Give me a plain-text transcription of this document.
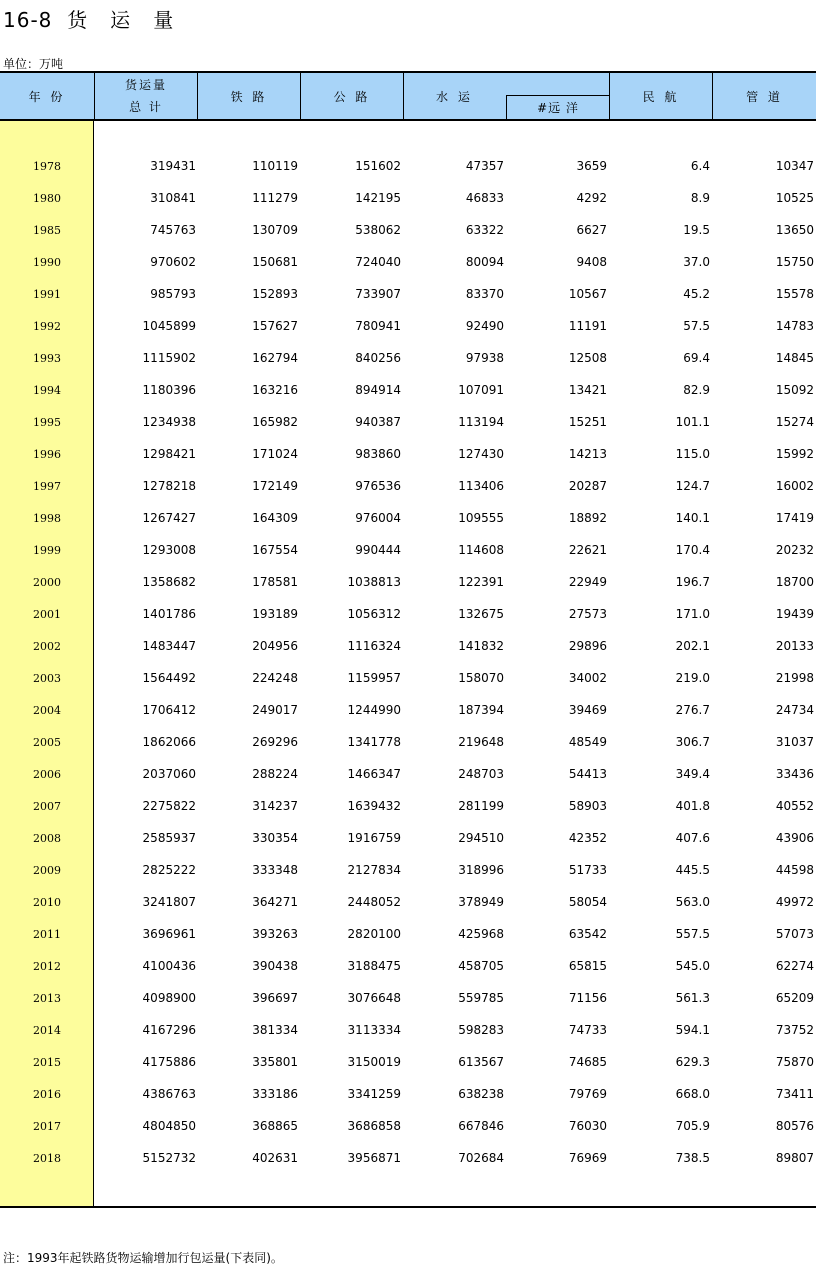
16-8  货   运   量
单位：万吨
年 份
货运量
总 计
铁 路	公 路	水 运
#远 洋
民 航	管 道
1978	319431	110119	151602	47357	3659	6.4	10347
1980	310841	111279	142195	46833	4292	8.9	10525
1985	745763	130709	538062	63322	6627	19.5	13650
1990	970602	150681	724040	80094	9408	37.0	15750
1991	985793	152893	733907	83370	10567	45.2	15578
1992	1045899	157627	780941	92490	11191	57.5	14783
1993	1115902	162794	840256	97938	12508	69.4	14845
1994	1180396	163216	894914	107091	13421	82.9	15092
1995	1234938	165982	940387	113194	15251	101.1	15274
1996	1298421	171024	983860	127430	14213	115.0	15992
1997	1278218	172149	976536	113406	20287	124.7	16002
1998	1267427	164309	976004	109555	18892	140.1	17419
1999	1293008	167554	990444	114608	22621	170.4	20232
2000	1358682	178581	1038813	122391	22949	196.7	18700
2001	1401786	193189	1056312	132675	27573	171.0	19439
2002	1483447	204956	1116324	141832	29896	202.1	20133
2003	1564492	224248	1159957	158070	34002	219.0	21998
2004	1706412	249017	1244990	187394	39469	276.7	24734
2005	1862066	269296	1341778	219648	48549	306.7	31037
2006	2037060	288224	1466347	248703	54413	349.4	33436
2007	2275822	314237	1639432	281199	58903	401.8	40552
2008	2585937	330354	1916759	294510	42352	407.6	43906
2009	2825222	333348	2127834	318996	51733	445.5	44598
2010	3241807	364271	2448052	378949	58054	563.0	49972
2011	3696961	393263	2820100	425968	63542	557.5	57073
2012	4100436	390438	3188475	458705	65815	545.0	62274
2013	4098900	396697	3076648	559785	71156	561.3	65209
2014	4167296	381334	3113334	598283	74733	594.1	73752
2015	4175886	335801	3150019	613567	74685	629.3	75870
2016	4386763	333186	3341259	638238	79769	668.0	73411
2017	4804850	368865	3686858	667846	76030	705.9	80576
2018	5152732	402631	3956871	702684	76969	738.5	89807
注：1993年起铁路货物运输增加行包运量(下表同)。
